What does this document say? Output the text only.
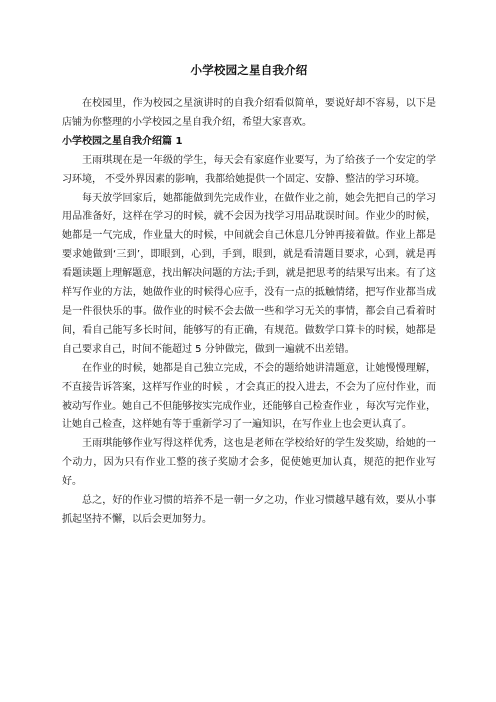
小学校园之星自我介绍

在校园里，作为校园之星演讲时的自我介绍看似简单，要说好却不容易，以下是店铺为你整理的小学校园之星自我介绍，希望大家喜欢。

小学校园之星自我介绍篇 1

王雨琪现在是一年级的学生，每天会有家庭作业要写，为了给孩子一个安定的学习环境， 不受外界因素的影响，我都给她提供一个固定、安静、整洁的学习环境。

每天放学回家后，她都能做到先完成作业，在做作业之前，她会先把自己的学习用品准备好，这样在学习的时候，就不会因为找学习用品耽误时间。作业少的时候，她都是一气完成，作业量大的时候，中间就会自己休息几分钟再接着做。作业上都是要求她做到‘三到’，即眼到，心到，手到，眼到，就是看清题目要求，心到，就是再看题读题上理解题意，找出解决问题的方法;手到，就是把思考的结果写出来。有了这样写作业的方法，她做作业的时候得心应手，没有一点的抵触情绪，把写作业都当成是一件很快乐的事。做作业的时候不会去做一些和学习无关的事情，都会自己看着时间，看自己能写多长时间，能够写的有正确，有规范。做数学口算卡的时候，她都是自己要求自己，时间不能超过 5 分钟做完，做到一遍就不出差错。

在作业的时候，她都是自己独立完成，不会的题给她讲清题意，让她慢慢理解，不直接告诉答案，这样写作业的时候 ，才会真正的投入进去，不会为了应付作业，而被动写作业。她自己不但能够按实完成作业，还能够自己检查作业 ，每次写完作业，让她自己检查，这样她有等于重新学习了一遍知识，在写作业上也会更认真了。

王雨琪能够作业写得这样优秀，这也是老师在学校给好的学生发奖励，给她的一个动力，因为只有作业工整的孩子奖励才会多，促使她更加认真，规范的把作业写好。

总之，好的作业习惯的培养不是一朝一夕之功，作业习惯越早越有效，要从小事抓起坚持不懈，以后会更加努力。
